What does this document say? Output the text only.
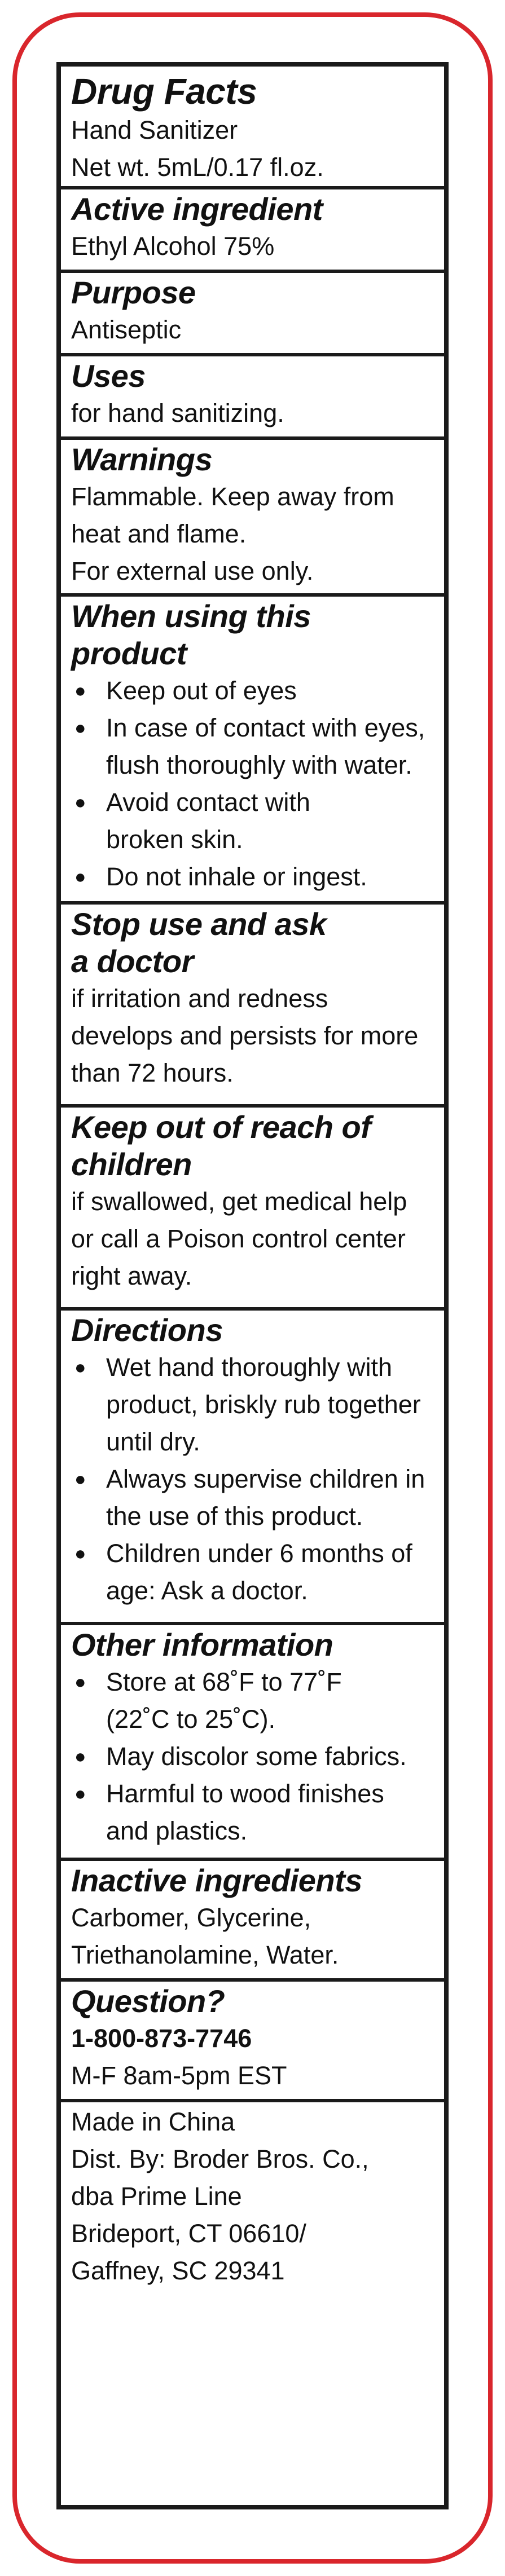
Drug Facts
Hand Sanitizer
Net wt. 5mL/0.17 fl.oz.
Active ingredient
Ethyl Alcohol 75%
Purpose
Antiseptic
Uses
for hand sanitizing.
Warnings
Flammable. Keep away from
heat and flame.
For external use only.
When using this product
● Keep out of eyes
● In case of contact with eyes,
flush thoroughly with water.
● Avoid contact with
broken skin.
● Do not inhale or ingest.
Stop use and ask
a doctor
if irritation and redness
develops and persists for more
than 72 hours.
Keep out of reach of
children
if swallowed, get medical help
or call a Poison control center
right away.
Directions
● Wet hand thoroughly with
product, briskly rub together
until dry.
● Always supervise children in
the use of this product.
● Children under 6 months of
age: Ask a doctor.
Other information
● Store at 68˚F to 77˚F
(22˚C to 25˚C).
● May discolor some fabrics.
● Harmful to wood finishes
and plastics.
Inactive ingredients
Carbomer, Glycerine,
Triethanolamine, Water.
Question?
1-800-873-7746
M-F 8am-5pm EST
Made in China
Dist. By: Broder Bros. Co.,
dba Prime Line
Brideport, CT 06610/
Gaffney, SC 29341
